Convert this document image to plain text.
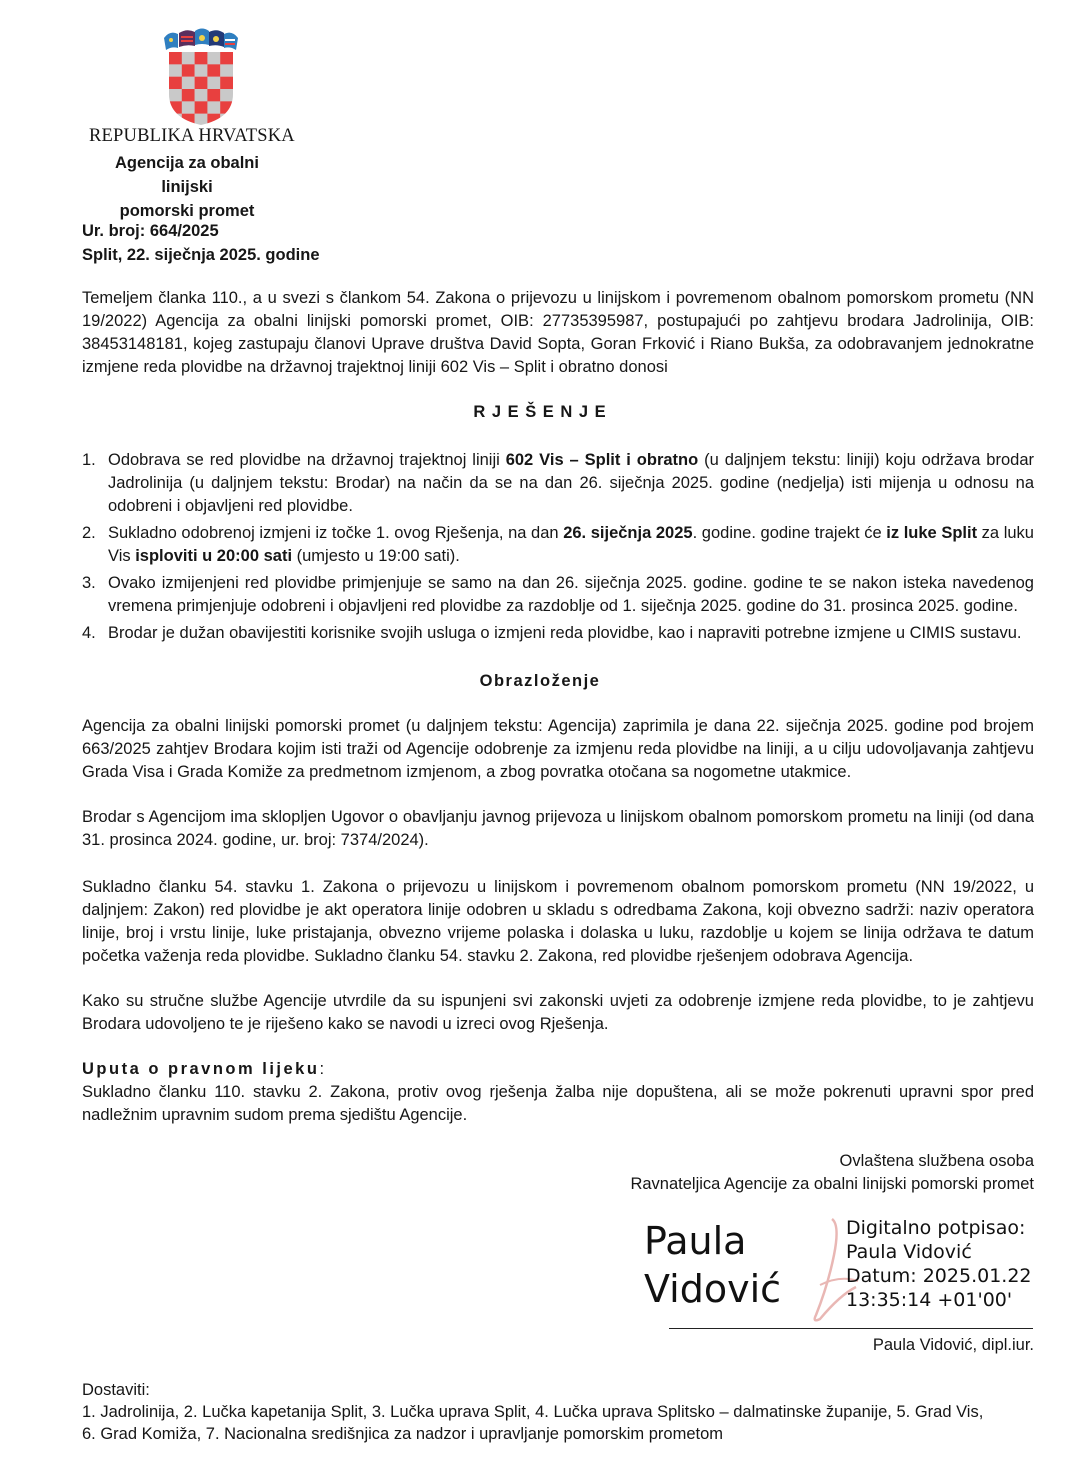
REPUBLIKA HRVATSKA
Agencija za obalni linijski
pomorski promet
Ur. broj: 664/2025
Split, 22. siječnja 2025. godine
Temeljem članka 110., a u svezi s člankom 54. Zakona o prijevozu u linijskom i povremenom obalnom pomorskom prometu (NN 19/2022) Agencija za obalni linijski pomorski promet, OIB: 27735395987, postupajući po zahtjevu brodara Jadrolinija, OIB: 38453148181, kojeg zastupaju članovi Uprave društva David Sopta, Goran Frković i Riano Bukša, za odobravanjem jednokratne izmjene reda plovidbe na državnoj trajektnoj liniji 602 Vis – Split i obratno donosi
R J E Š E N J E
1. Odobrava se red plovidbe na državnoj trajektnoj liniji 602 Vis – Split i obratno (u daljnjem tekstu: liniji) koju održava brodar Jadrolinija (u daljnjem tekstu: Brodar) na način da se na dan 26. siječnja 2025. godine (nedjelja) isti mijenja u odnosu na odobreni i objavljeni red plovidbe.
2. Sukladno odobrenoj izmjeni iz točke 1. ovog Rješenja, na dan 26. siječnja 2025. godine. godine trajekt će iz luke Split za luku Vis isploviti u 20:00 sati (umjesto u 19:00 sati).
3. Ovako izmijenjeni red plovidbe primjenjuje se samo na dan 26. siječnja 2025. godine. godine te se nakon isteka navedenog vremena primjenjuje odobreni i objavljeni red plovidbe za razdoblje od 1. siječnja 2025. godine do 31. prosinca 2025. godine.
4. Brodar je dužan obavijestiti korisnike svojih usluga o izmjeni reda plovidbe, kao i napraviti potrebne izmjene u CIMIS sustavu.
Obrazloženje
Agencija za obalni linijski pomorski promet (u daljnjem tekstu: Agencija) zaprimila je dana 22. siječnja 2025. godine pod brojem 663/2025 zahtjev Brodara kojim isti traži od Agencije odobrenje za izmjenu reda plovidbe na liniji, a u cilju udovoljavanja zahtjevu Grada Visa i Grada Komiže za predmetnom izmjenom, a zbog povratka otočana sa nogometne utakmice.
Brodar s Agencijom ima sklopljen Ugovor o obavljanju javnog prijevoza u linijskom obalnom pomorskom prometu na liniji (od dana 31. prosinca 2024. godine, ur. broj: 7374/2024).
Sukladno članku 54. stavku 1. Zakona o prijevozu u linijskom i povremenom obalnom pomorskom prometu (NN 19/2022, u daljnjem: Zakon) red plovidbe je akt operatora linije odobren u skladu s odredbama Zakona, koji obvezno sadrži: naziv operatora linije, broj i vrstu linije, luke pristajanja, obvezno vrijeme polaska i dolaska u luku, razdoblje u kojem se linija održava te datum početka važenja reda plovidbe. Sukladno članku 54. stavku 2. Zakona, red plovidbe rješenjem odobrava Agencija.
Kako su stručne službe Agencije utvrdile da su ispunjeni svi zakonski uvjeti za odobrenje izmjene reda plovidbe, to je zahtjevu Brodara udovoljeno te je riješeno kako se navodi u izreci ovog Rješenja.
Uputa o pravnom lijeku:
Sukladno članku 110. stavku 2. Zakona, protiv ovog rješenja žalba nije dopuštena, ali se može pokrenuti upravni spor pred nadležnim upravnim sudom prema sjedištu Agencije.
Ovlaštena službena osoba
Ravnateljica Agencije za obalni linijski pomorski promet
Paula
Vidović
Digitalno potpisao:
Paula Vidović
Datum: 2025.01.22
13:35:14 +01'00'
Paula Vidović, dipl.iur.
Dostaviti:
1. Jadrolinija, 2. Lučka kapetanija Split, 3. Lučka uprava Split, 4. Lučka uprava Splitsko – dalmatinske županije, 5. Grad Vis,
6. Grad Komiža, 7. Nacionalna središnjica za nadzor i upravljanje pomorskim prometom
